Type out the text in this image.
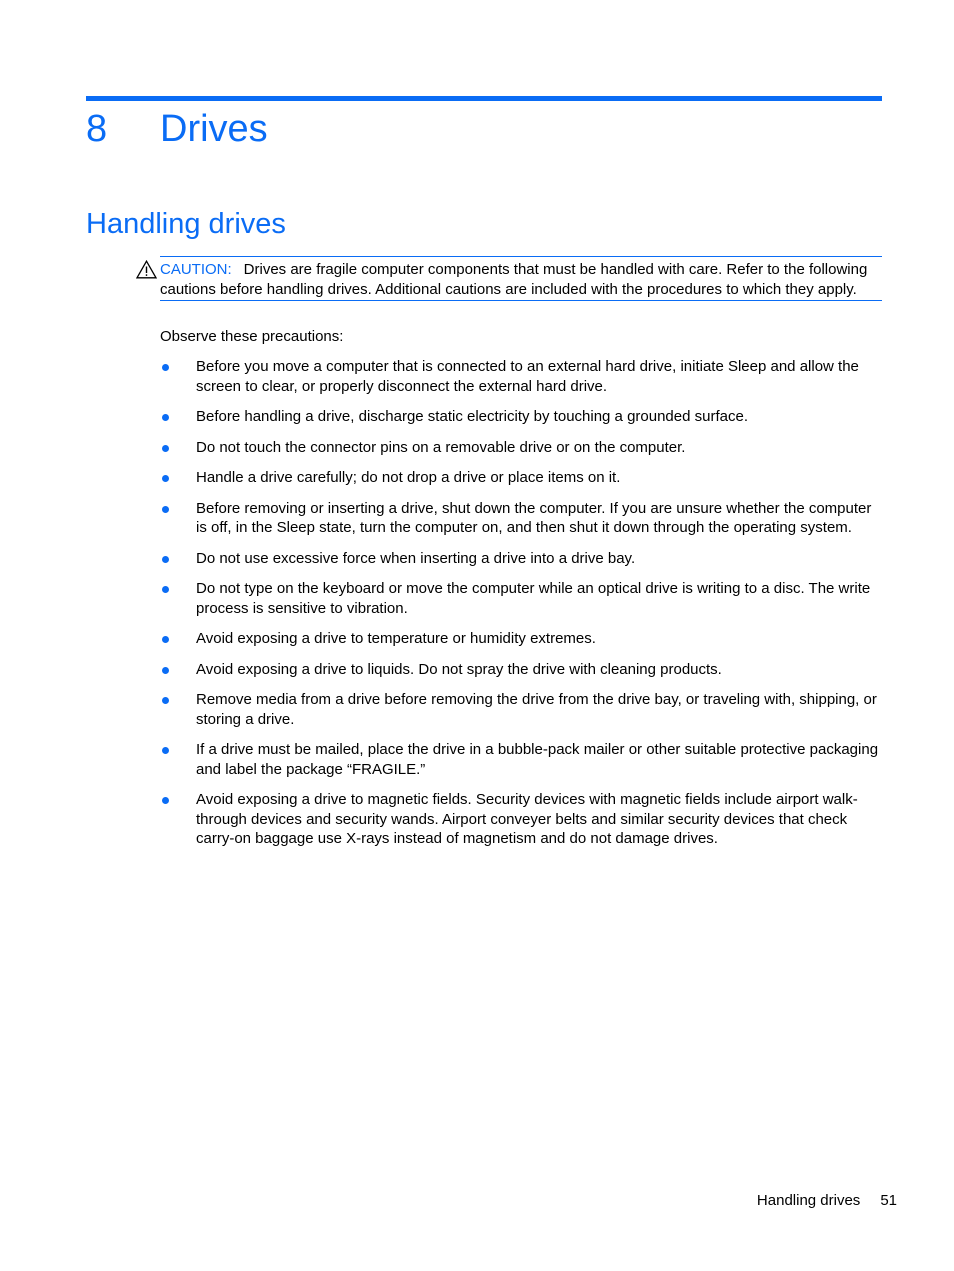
8 Drives
Handling drives
CAUTION: Drives are fragile computer components that must be handled with care. Refer to the following cautions before handling drives. Additional cautions are included with the procedures to which they apply.

Observe these precautions:

Before you move a computer that is connected to an external hard drive, initiate Sleep and allow the screen to clear, or properly disconnect the external hard drive.
Before handling a drive, discharge static electricity by touching a grounded surface.
Do not touch the connector pins on a removable drive or on the computer.
Handle a drive carefully; do not drop a drive or place items on it.
Before removing or inserting a drive, shut down the computer. If you are unsure whether the computer is off, in the Sleep state, turn the computer on, and then shut it down through the operating system.
Do not use excessive force when inserting a drive into a drive bay.
Do not type on the keyboard or move the computer while an optical drive is writing to a disc. The write process is sensitive to vibration.
Avoid exposing a drive to temperature or humidity extremes.
Avoid exposing a drive to liquids. Do not spray the drive with cleaning products.
Remove media from a drive before removing the drive from the drive bay, or traveling with, shipping, or storing a drive.
If a drive must be mailed, place the drive in a bubble-pack mailer or other suitable protective packaging and label the package “FRAGILE.”
Avoid exposing a drive to magnetic fields. Security devices with magnetic fields include airport walk-through devices and security wands. Airport conveyer belts and similar security devices that check carry-on baggage use X-rays instead of magnetism and do not damage drives.
Handling drives 51
